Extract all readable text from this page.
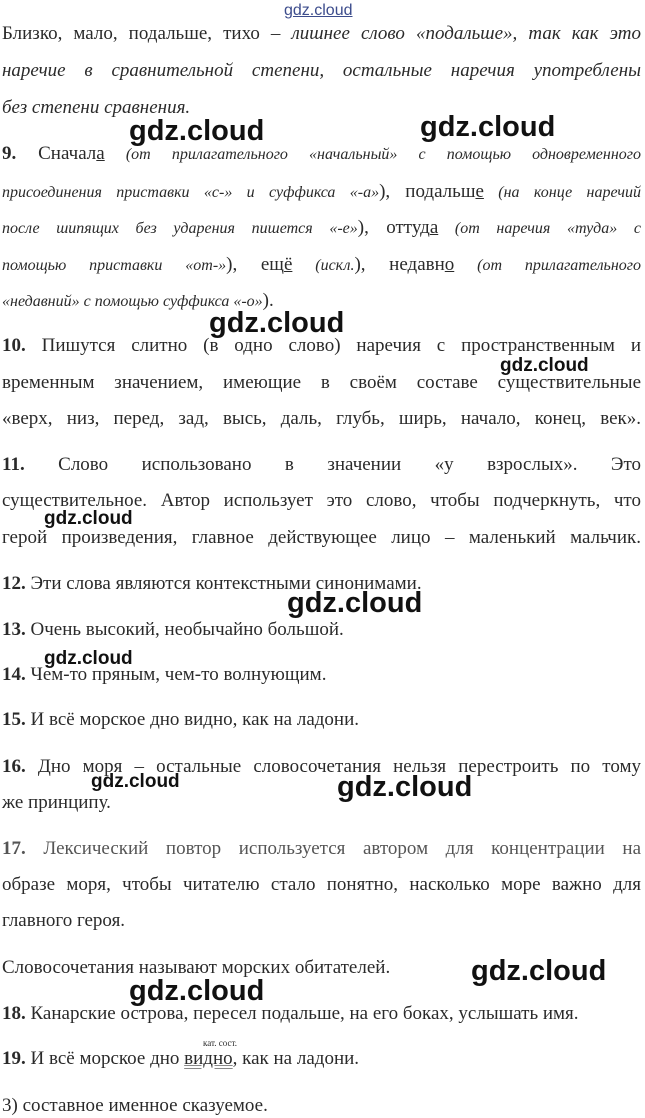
gdz.cloud
Близко, мало, подальше, тихо – лишнее слово «подальше», так как это
наречие в сравнительной степени, остальные наречия употреблены
без степени сравнения.
9. Сначала (от прилагательного «начальный» с помощью одновременного
присоединения приставки «с-» и суффикса «-а»), подальше (на конце наречий
после шипящих без ударения пишется «-е»), оттуда (от наречия «туда» с
помощью приставки «от-»), ещё (искл.), недавно (от прилагательного
«недавний» с помощью суффикса «-о»).
10. Пишутся слитно (в одно слово) наречия с пространственным и
временным значением, имеющие в своём составе существительные
«верх, низ, перед, зад, высь, даль, глубь, ширь, начало, конец, век».
11. Слово использовано в значении «у взрослых». Это
существительное. Автор использует это слово, чтобы подчеркнуть, что
герой произведения, главное действующее лицо – маленький мальчик.
12. Эти слова являются контекстными синонимами.
13. Очень высокий, необычайно большой.
14. Чем-то пряным, чем-то волнующим.
15. И всё морское дно видно, как на ладони.
16. Дно моря – остальные словосочетания нельзя перестроить по тому
же принципу.
17. Лексический повтор используется автором для концентрации на
образе моря, чтобы читателю стало понятно, насколько море важно для
главного героя.
Словосочетания называют морских обитателей.
18. Канарские острова, пересел подальше, на его боках, услышать имя.
кат. сост.
19. И всё морское дно видно, как на ладони.
3) составное именное сказуемое.
gdz.cloud	gdz.cloud
gdz.cloud
gdz.cloud
gdz.cloud
gdz.cloud
gdz.cloud
gdz.cloud	gdz.cloud
gdz.cloud
gdz.cloud
